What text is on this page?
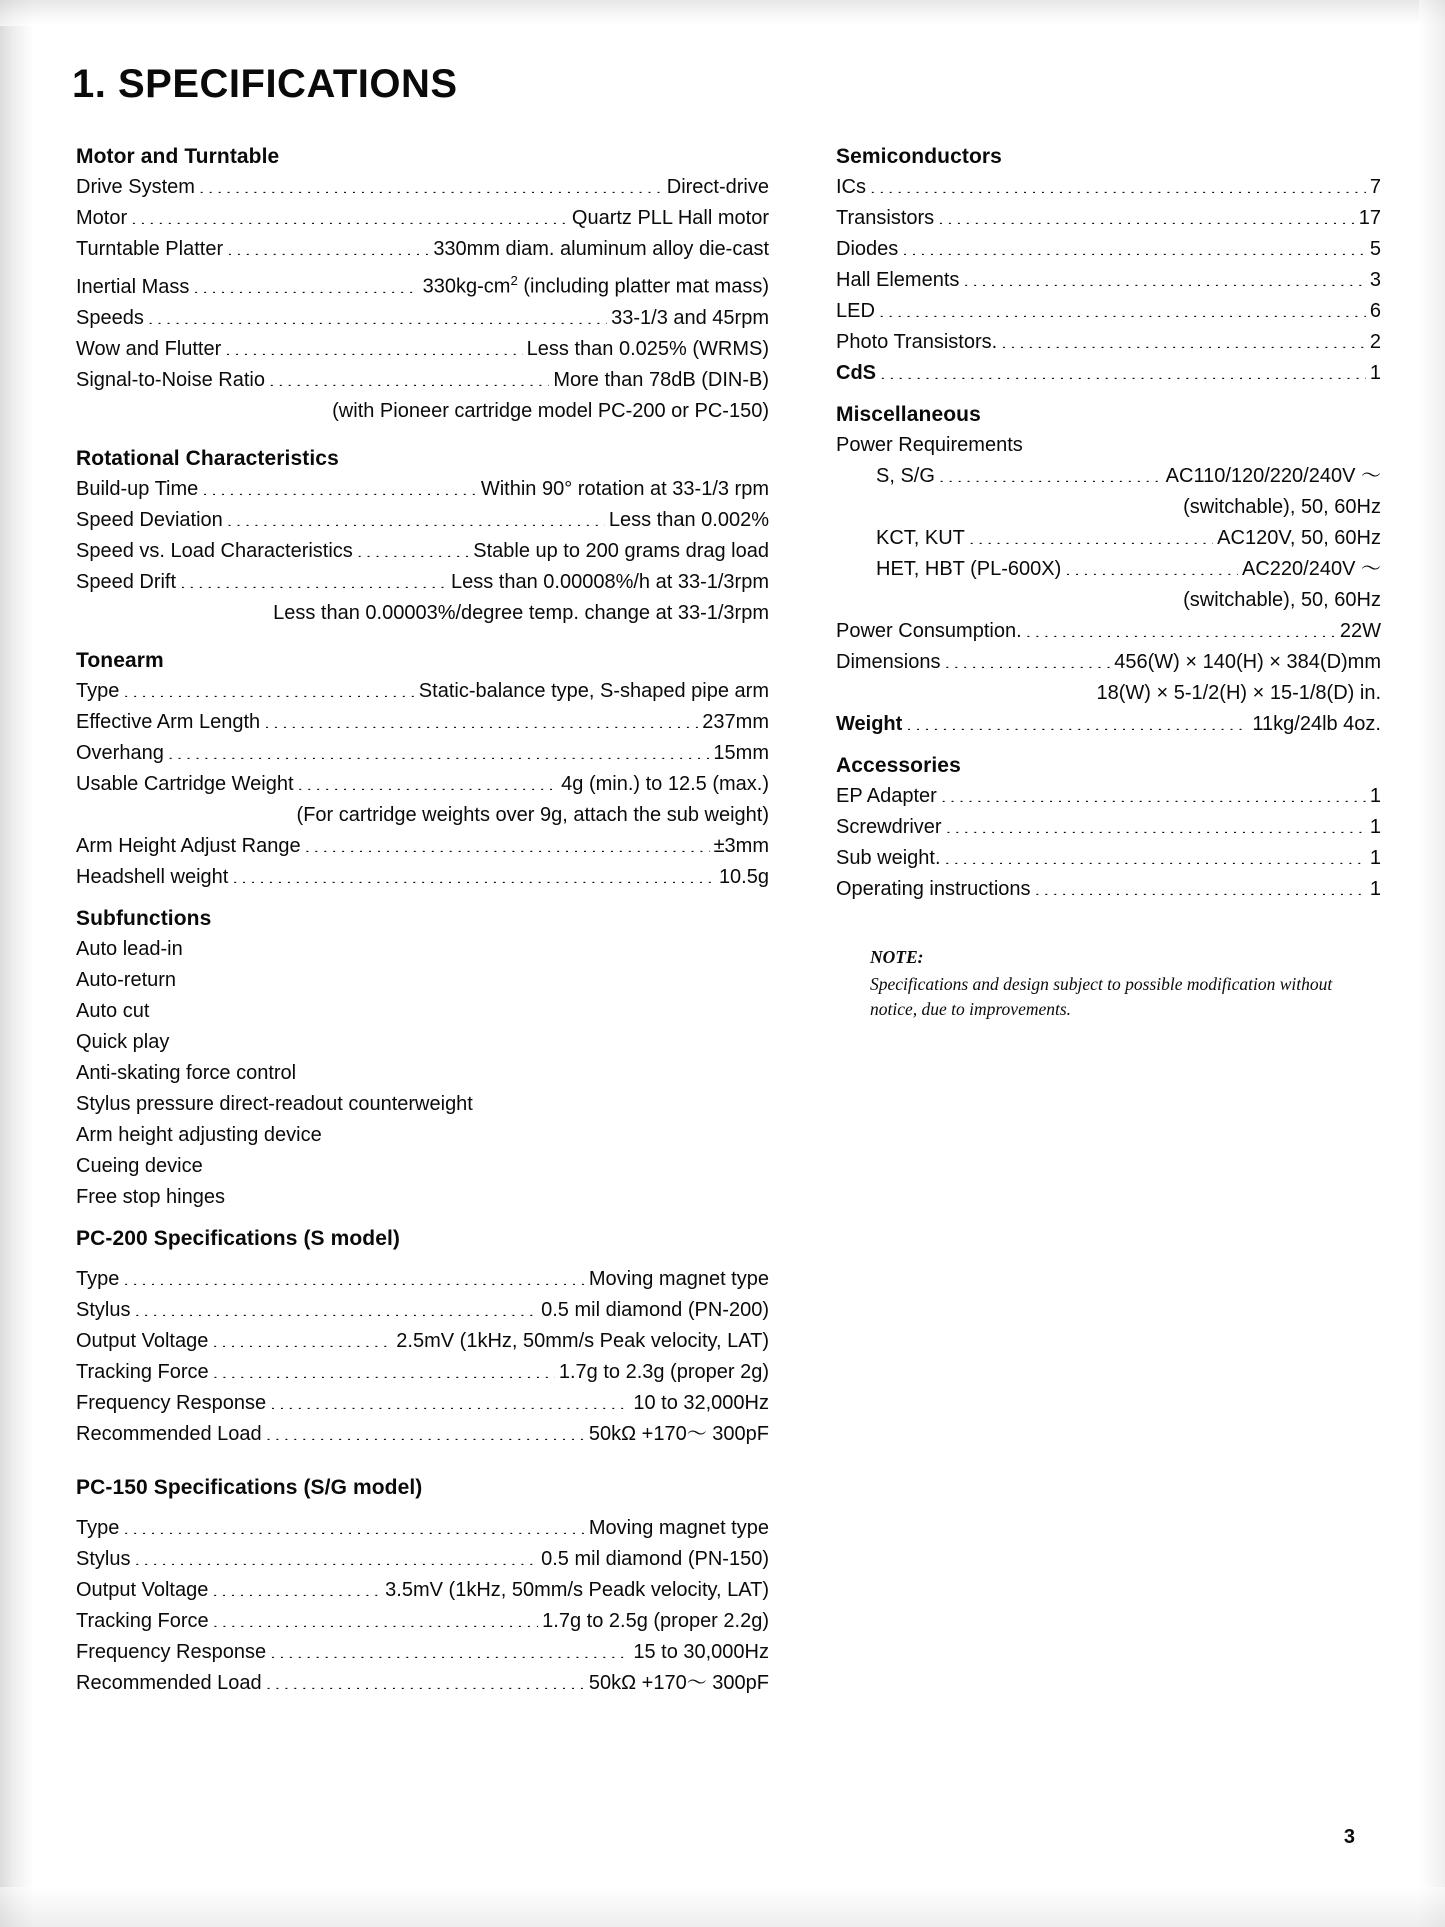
1. SPECIFICATIONS
Motor and Turntable
Drive System .....	Direct-drive
Motor .....	Quartz PLL Hall motor
Turntable Platter .....	330mm diam. aluminum alloy die-cast
Inertial Mass .....	$330kg-cm^2$ (including platter mat mass)
Speeds .....	33-1/3 and 45rpm
Wow and Flutter .....	Less than 0.025% (WRMS)
Signal-to-Noise Ratio .....	More than 78dB (DIN-B)
(with Pioneer cartridge model PC-200 or PC-150)
Rotational Characteristics
Build-up Time .....	Within 90° rotation at 33-1/3 rpm
Speed Deviation .....	Less than 0.002%
Speed vs. Load Characteristics .....	Stable up to 200 grams drag load
Speed Drift .....	Less than 0.00008%/h at 33-1/3rpm
Less than 0.00003%/degree temp. change at 33-1/3rpm
Tonearm
Type .....	Static-balance type, S-shaped pipe arm
Effective Arm Length .....	237mm
Overhang .....	15mm
Usable Cartridge Weight .....	4g (min.) to 12.5 (max.)
(For cartridge weights over 9g, attach the sub weight)
Arm Height Adjust Range .....	±3mm
Headshell weight .....	10.5g
Subfunctions
Auto lead-in
Auto-return
Auto cut
Quick play
Anti-skating force control
Stylus pressure direct-readout counterweight
Arm height adjusting device
Cueing device
Free stop hinges
PC-200 Specifications (S model)
Type .....	Moving magnet type
Stylus .....	0.5 mil diamond (PN-200)
Output Voltage .....	2.5mV (1kHz, 50mm/s Peak velocity, LAT)
Tracking Force .....	1.7g to 2.3g (proper 2g)
Frequency Response .....	10 to 32,000Hz
Recommended Load .....	50kΩ +170〜 300pF
PC-150 Specifications (S/G model)
Type .....	Moving magnet type
Stylus .....	0.5 mil diamond (PN-150)
Output Voltage .....	3.5mV (1kHz, 50mm/s Peadk velocity, LAT)
Tracking Force .....	1.7g to 2.5g (proper 2.2g)
Frequency Response .....	15 to 30,000Hz
Recommended Load .....	50kΩ +170〜 300pF
Semiconductors
ICs .....	7
Transistors .....	17
Diodes .....	5
Hall Elements .....	3
LED .....	6
Photo Transistors. .....	2
CdS .....	1
Miscellaneous
Power Requirements
S, S/G .....	AC110/120/220/240V 〜
(switchable), 50, 60Hz
KCT, KUT .....	AC120V, 50, 60Hz
HET, HBT (PL-600X) .....	AC220/240V 〜
(switchable), 50, 60Hz
Power Consumption. .....	22W
Dimensions .....	456(W) × 140(H) × 384(D)mm
18(W) × 5-1/2(H) × 15-1/8(D) in.
Weight .....	11kg/24lb 4oz.
Accessories
EP Adapter .....	1
Screwdriver .....	1
Sub weight. .....	1
Operating instructions .....	1
NOTE:
Specifications and design subject to possible modification without notice, due to improvements.
3
